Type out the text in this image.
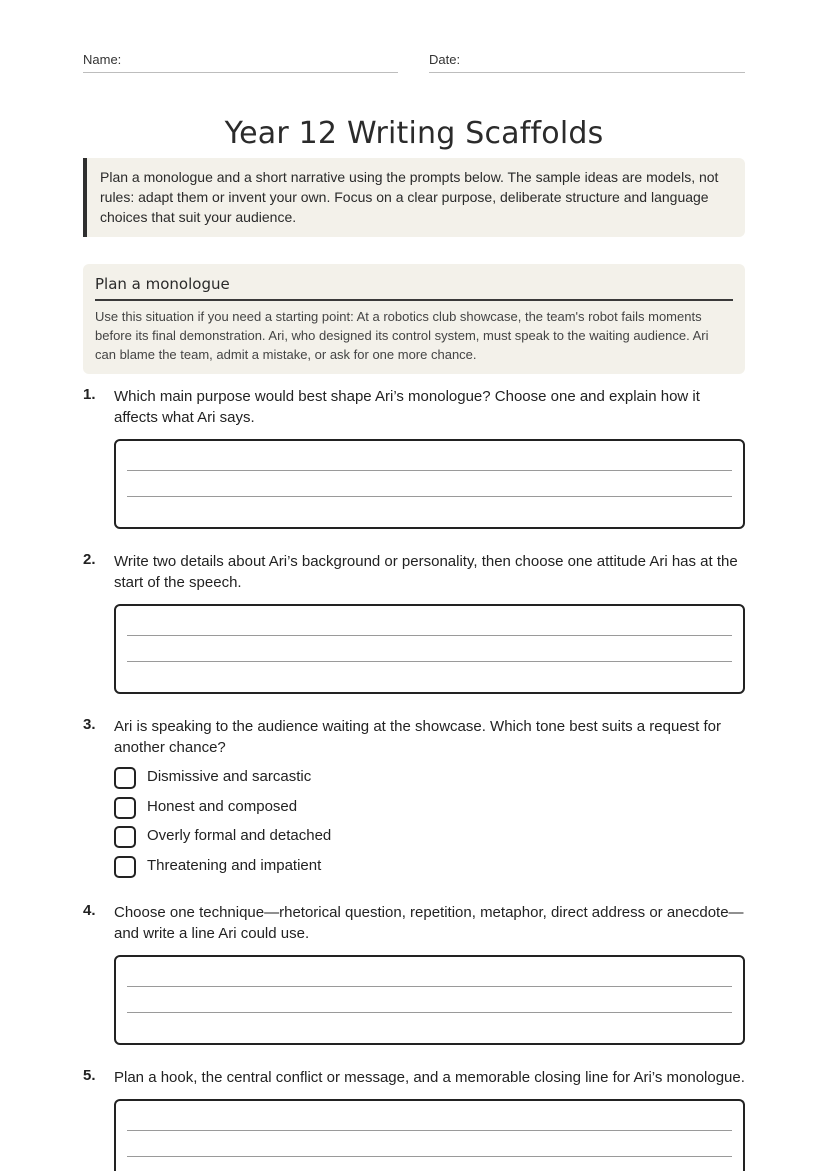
Name:	Date:
Year 12 Writing Scaffolds
Plan a monologue and a short narrative using the prompts below. The sample ideas are models, not rules: adapt them or invent your own. Focus on a clear purpose, deliberate structure and language choices that suit your audience.
Plan a monologue
Use this situation if you need a starting point: At a robotics club showcase, the team's robot fails moments before its final demonstration. Ari, who designed its control system, must speak to the waiting audience. Ari can blame the team, admit a mistake, or ask for one more chance.
1. Which main purpose would best shape Ari’s monologue? Choose one and explain how it affects what Ari says.
2. Write two details about Ari’s background or personality, then choose one attitude Ari has at the start of the speech.
3. Ari is speaking to the audience waiting at the showcase. Which tone best suits a request for another chance?
Dismissive and sarcastic
Honest and composed
Overly formal and detached
Threatening and impatient
4. Choose one technique—rhetorical question, repetition, metaphor, direct address or anecdote—and write a line Ari could use.
5. Plan a hook, the central conflict or message, and a memorable closing line for Ari’s monologue.
